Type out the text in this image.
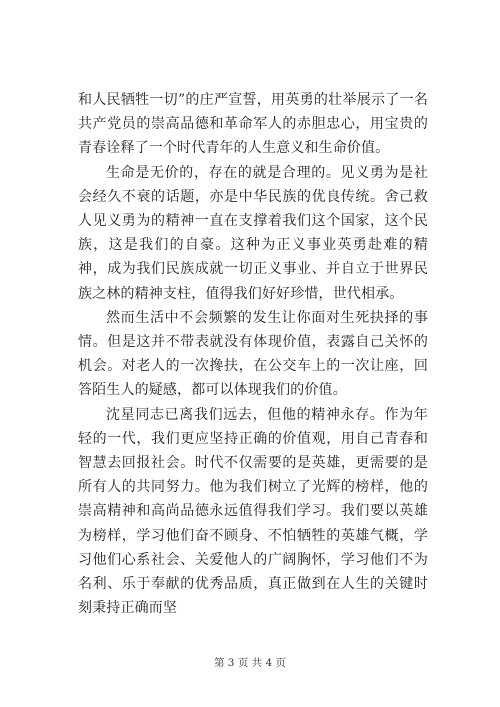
和人民牺牲一切”的庄严宣誓，用英勇的壮举展示了一名共产党员的崇高品德和革命军人的赤胆忠心，用宝贵的青春诠释了一个时代青年的人生意义和生命价值。

生命是无价的，存在的就是合理的。见义勇为是社会经久不衰的话题，亦是中华民族的优良传统。舍己救人见义勇为的精神一直在支撑着我们这个国家，这个民族，这是我们的自豪。这种为正义事业英勇赴难的精神，成为我们民族成就一切正义事业、并自立于世界民族之林的精神支柱，值得我们好好珍惜，世代相承。

然而生活中不会频繁的发生让你面对生死抉择的事情。但是这并不带表就没有体现价值，表露自己关怀的机会。对老人的一次搀扶，在公交车上的一次让座，回答陌生人的疑感，都可以体现我们的价值。

沈星同志已离我们远去，但他的精神永存。作为年轻的一代，我们更应坚持正确的价值观，用自己青春和智慧去回报社会。时代不仅需要的是英雄，更需要的是所有人的共同努力。他为我们树立了光辉的榜样，他的崇高精神和高尚品德永远值得我们学习。我们要以英雄为榜样，学习他们奋不顾身、不怕牺牲的英雄气概，学习他们心系社会、关爱他人的广阔胸怀，学习他们不为名利、乐于奉献的优秀品质，真正做到在人生的关键时刻秉持正确而坚

第 3 页 共 4 页
